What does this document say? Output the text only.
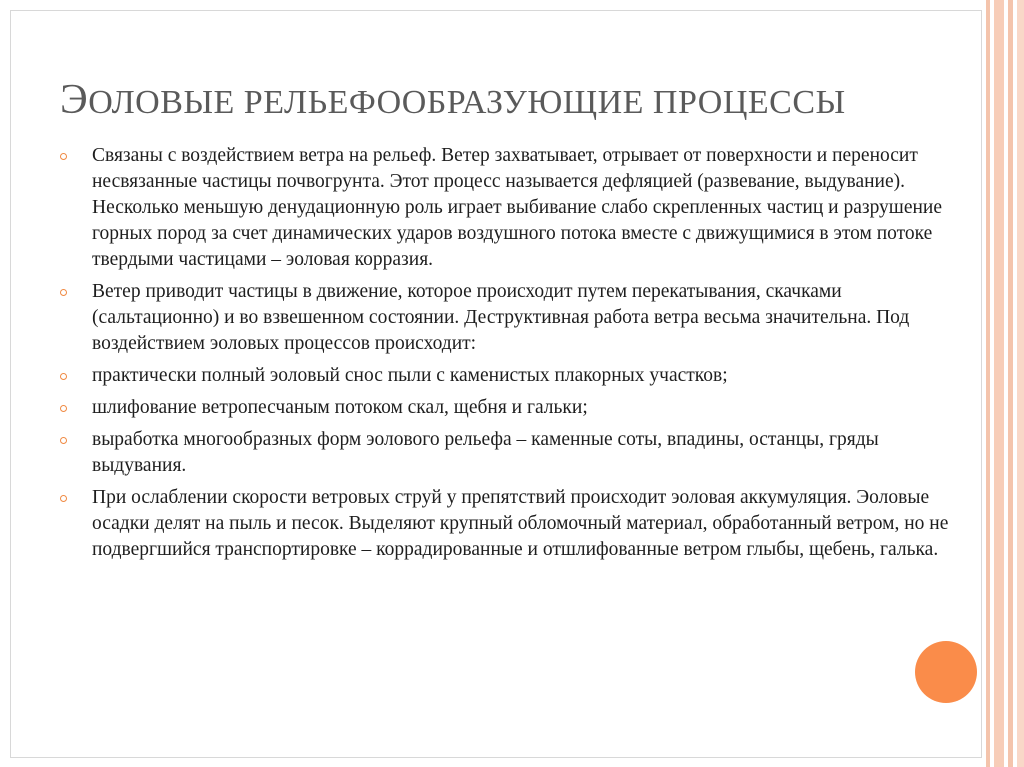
ЭОЛОВЫЕ РЕЛЬЕФООБРАЗУЮЩИЕ ПРОЦЕССЫ
Связаны с воздействием ветра на рельеф. Ветер захватывает, отрывает от поверхности и переносит несвязанные частицы почвогрунта. Этот процесс называется дефляцией (развевание, выдувание). Несколько меньшую денудационную роль играет выбивание слабо скрепленных частиц и разрушение горных пород за счет динамических ударов воздушного потока вместе с движущимися в этом потоке твердыми частицами – эоловая корразия.
Ветер приводит частицы в движение, которое происходит путем перекатывания, скачками (сальтационно) и во взвешенном состоянии. Деструктивная работа ветра весьма значительна. Под воздействием эоловых процессов происходит:
практически полный эоловый снос пыли с каменистых плакорных участков;
шлифование ветропесчаным потоком скал, щебня и гальки;
выработка многообразных форм эолового рельефа – каменные соты, впадины, останцы, гряды выдувания.
При ослаблении скорости ветровых струй у препятствий происходит эоловая аккумуляция. Эоловые осадки делят на пыль и песок. Выделяют крупный обломочный материал, обработанный ветром, но не подвергшийся транспортировке – коррадированные и отшлифованные ветром глыбы, щебень, галька.
